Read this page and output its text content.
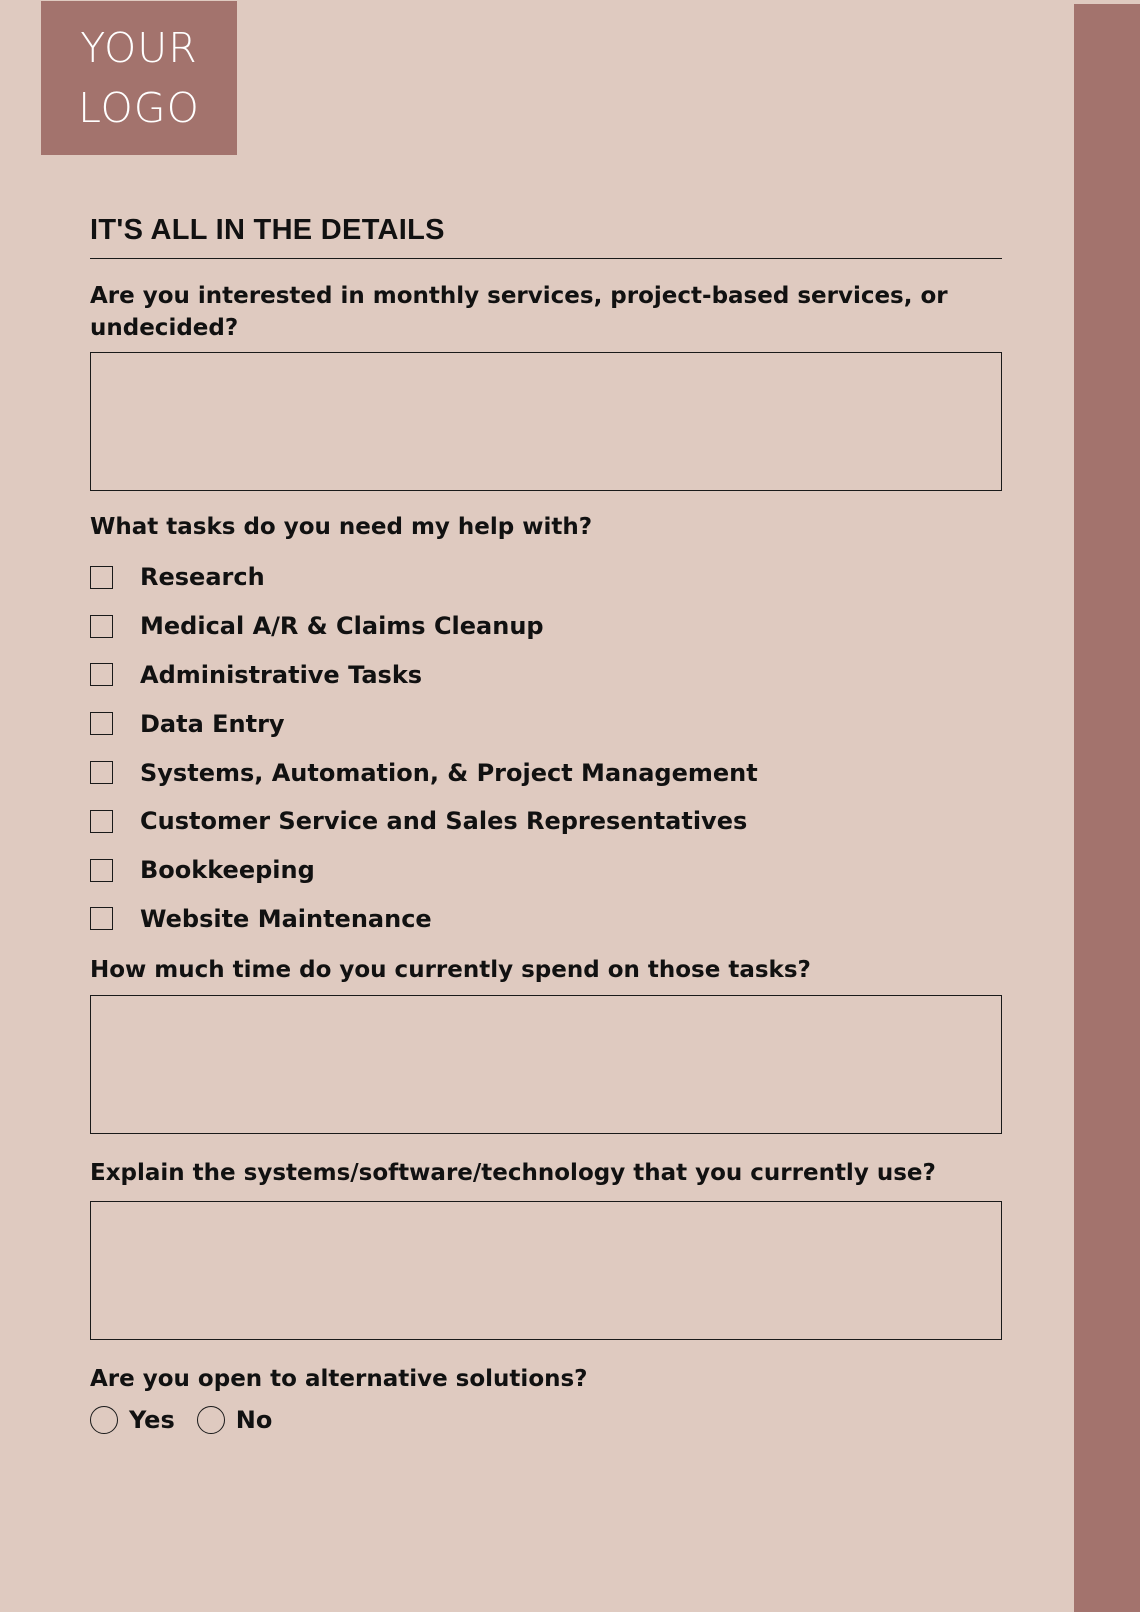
YOUR
LOGO
IT'S ALL IN THE DETAILS

Are you interested in monthly services, project-based services, or undecided?

What tasks do you need my help with?

Research
Medical A/R & Claims Cleanup
Administrative Tasks
Data Entry
Systems, Automation, & Project Management
Customer Service and Sales Representatives
Bookkeeping
Website Maintenance

How much time do you currently spend on those tasks?

Explain the systems/software/technology that you currently use?

Are you open to alternative solutions?

Yes	No
